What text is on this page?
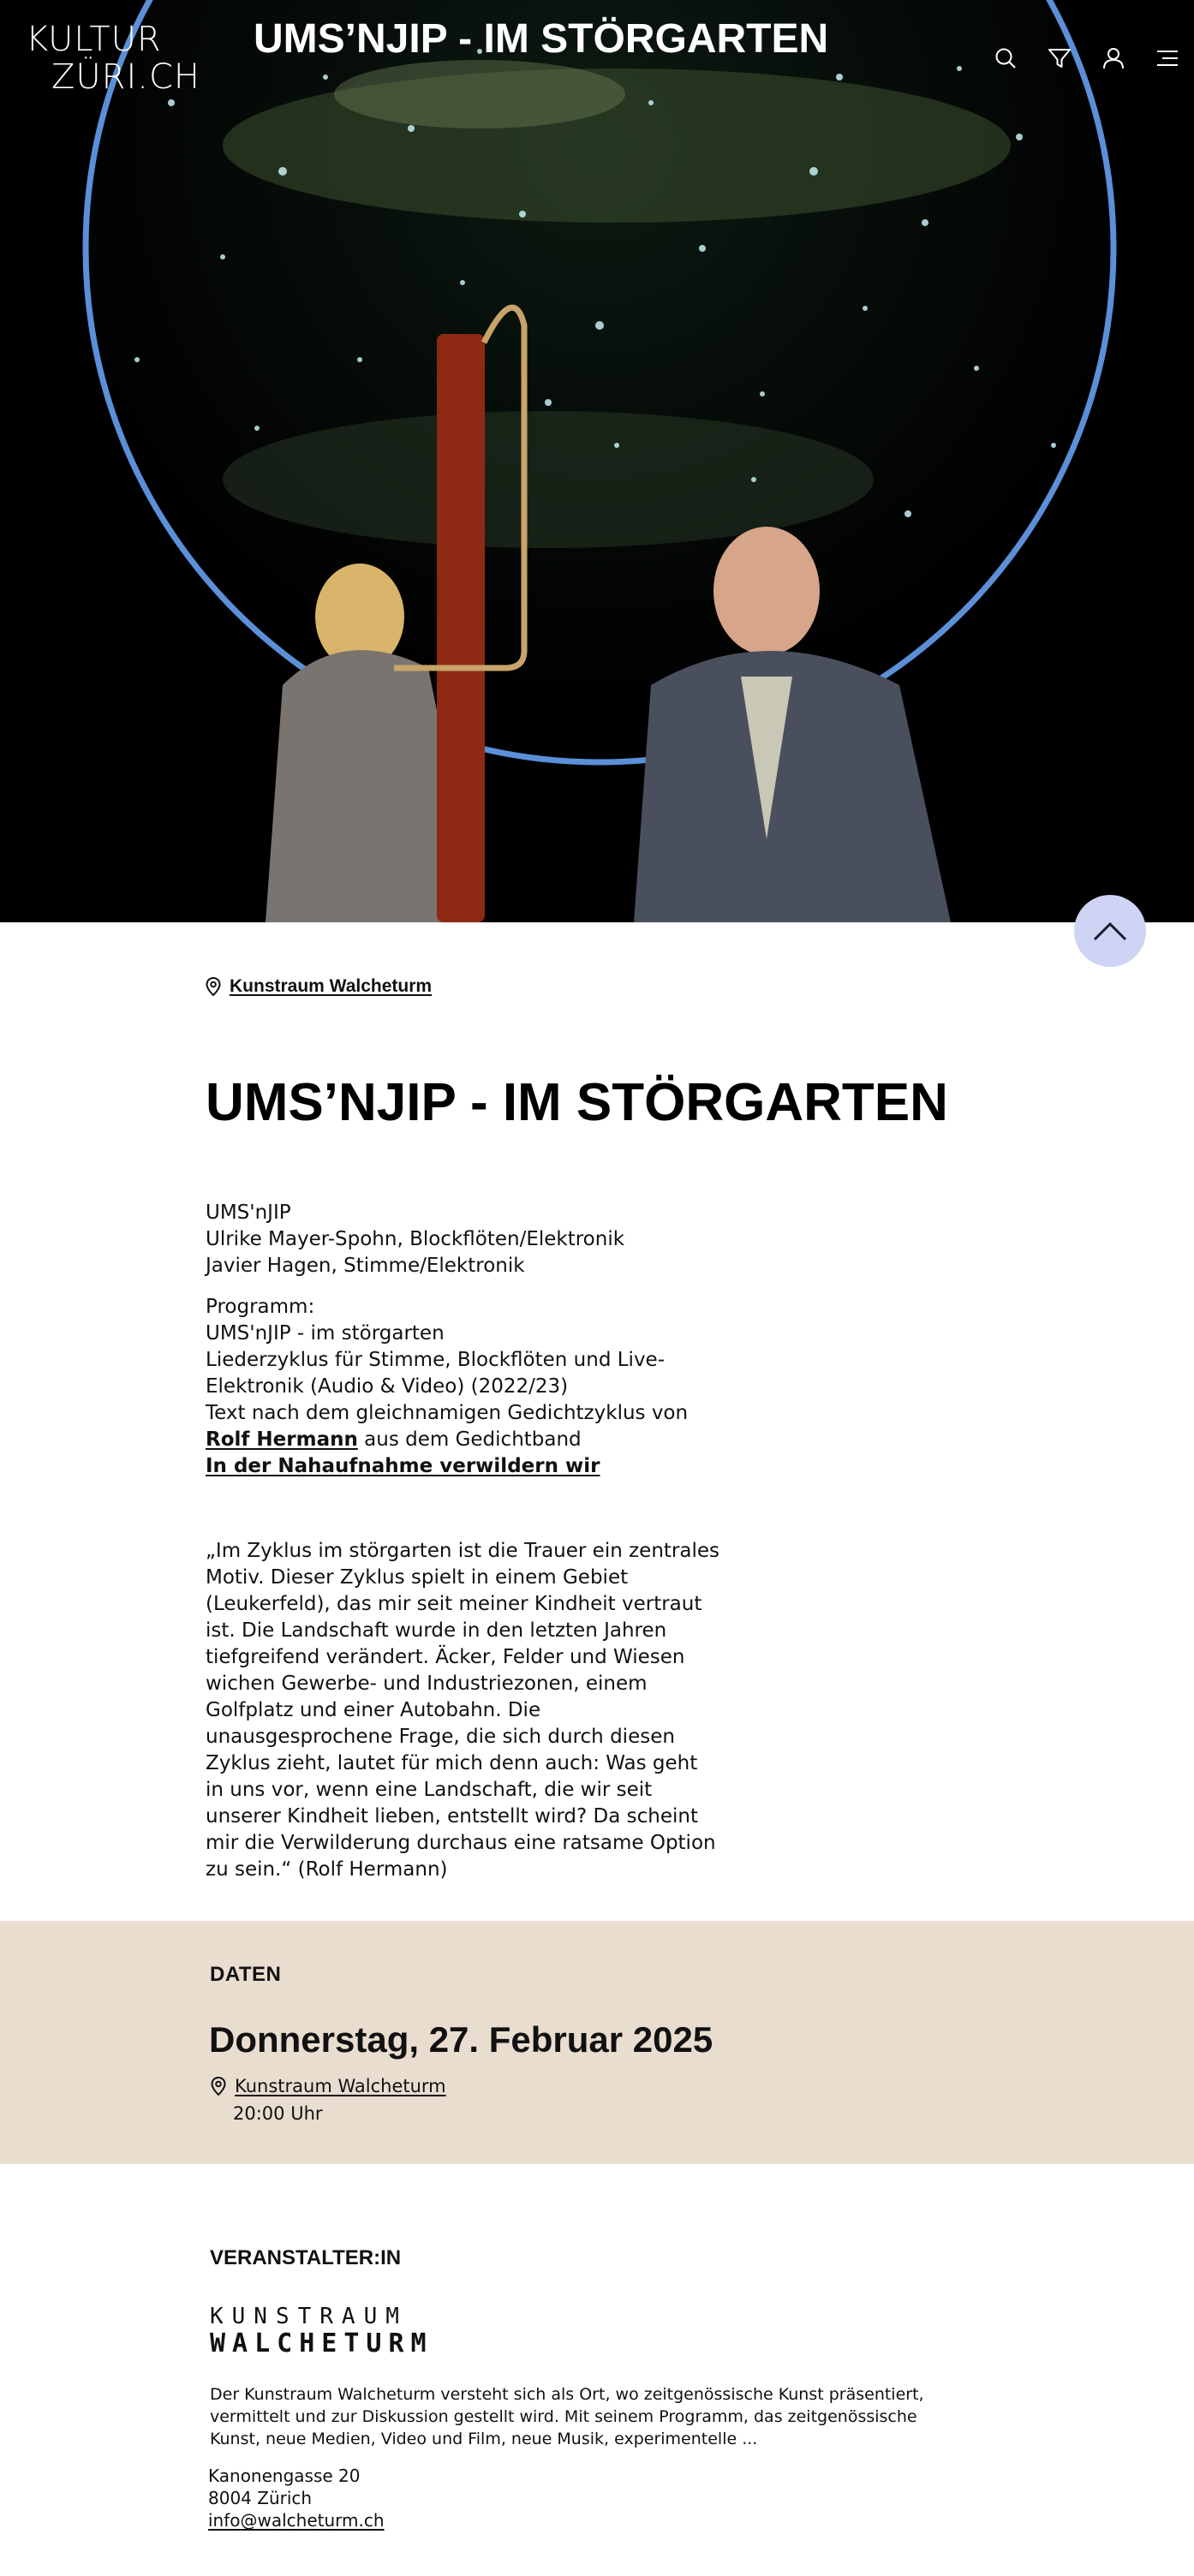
KULTUR
ZÜRI.CH
UMS’NJIP - IM STÖRGARTEN
Kunstraum Walcheturm
UMS’NJIP - IM STÖRGARTEN

UMS'nJIP
Ulrike Mayer-Spohn, Blockflöten/Elektronik
Javier Hagen, Stimme/Elektronik

Programm:
UMS'nJIP - im störgarten
Liederzyklus für Stimme, Blockflöten und Live-
Elektronik (Audio & Video) (2022/23)
Text nach dem gleichnamigen Gedichtzyklus von
Rolf Hermann aus dem Gedichtband
In der Nahaufnahme verwildern wir

„Im Zyklus im störgarten ist die Trauer ein zentrales Motiv. Dieser Zyklus spielt in einem Gebiet (Leukerfeld), das mir seit meiner Kindheit vertraut ist. Die Landschaft wurde in den letzten Jahren tiefgreifend verändert. Äcker, Felder und Wiesen wichen Gewerbe- und Industriezonen, einem Golfplatz und einer Autobahn. Die unausgesprochene Frage, die sich durch diesen Zyklus zieht, lautet für mich denn auch: Was geht in uns vor, wenn eine Landschaft, die wir seit unserer Kindheit lieben, entstellt wird? Da scheint mir die Verwilderung durchaus eine ratsame Option zu sein.“ (Rolf Hermann)

DATEN
Donnerstag, 27. Februar 2025
Kunstraum Walcheturm
20:00 Uhr
VERANSTALTER:IN
KUNSTRAUM
WALCHETURM

Der Kunstraum Walcheturm versteht sich als Ort, wo zeitgenössische Kunst präsentiert, vermittelt und zur Diskussion gestellt wird. Mit seinem Programm, das zeitgenössische Kunst, neue Medien, Video und Film, neue Musik, experimentelle ...

Kanonengasse 20
8004 Zürich
info@walcheturm.ch
